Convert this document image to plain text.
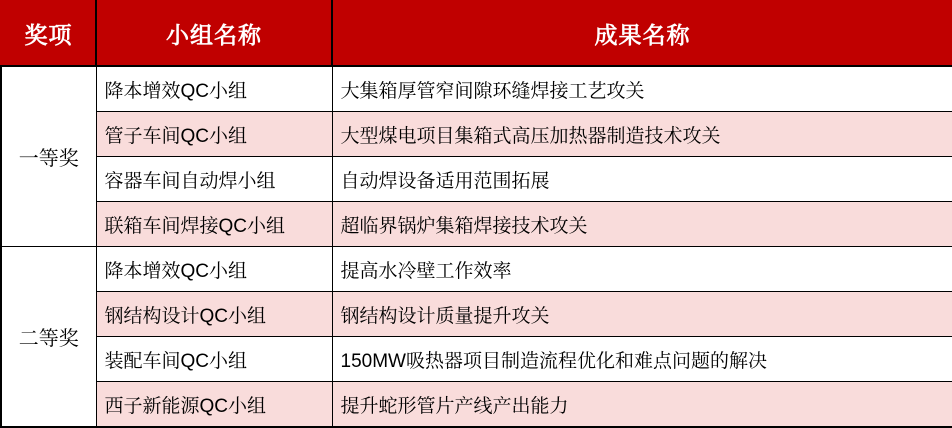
奖项	小组名称	成果名称
一等奖	降本增效QC小组	大集箱厚管窄间隙环缝焊接工艺攻关
	管子车间QC小组	大型煤电项目集箱式高压加热器制造技术攻关
	容器车间自动焊小组	自动焊设备适用范围拓展
	联箱车间焊接QC小组	超临界锅炉集箱焊接技术攻关
二等奖	降本增效QC小组	提高水冷壁工作效率
	钢结构设计QC小组	钢结构设计质量提升攻关
	装配车间QC小组	150MW吸热器项目制造流程优化和难点问题的解决
	西子新能源QC小组	提升蛇形管片产线产出能力
